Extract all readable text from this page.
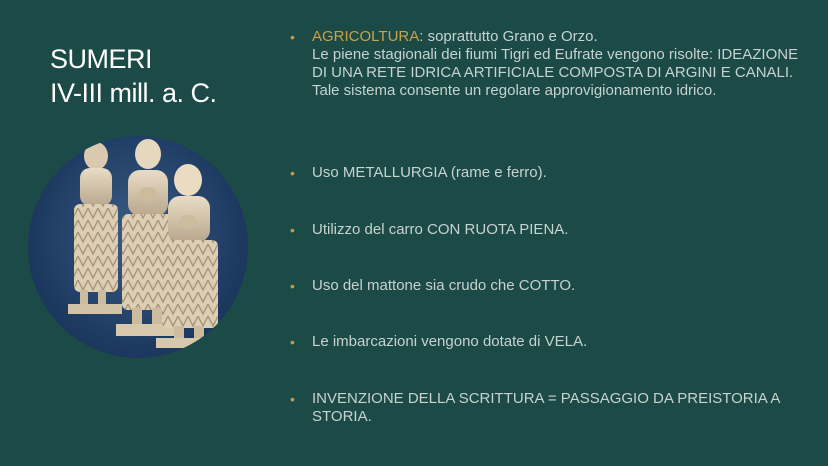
SUMERI
IV-III mill. a. C.
• AGRICOLTURA: soprattutto Grano e Orzo.
Le piene stagionali dei fiumi Tigri ed Eufrate vengono risolte: IDEAZIONE DI UNA RETE IDRICA ARTIFICIALE COMPOSTA DI ARGINI E CANALI. Tale sistema consente un regolare approvigionamento idrico.
• Uso METALLURGIA (rame e ferro).
• Utilizzo del carro CON RUOTA PIENA.
• Uso del mattone sia crudo che COTTO.
• Le imbarcazioni vengono dotate di VELA.
• INVENZIONE DELLA SCRITTURA = PASSAGGIO DA PREISTORIA A STORIA.
